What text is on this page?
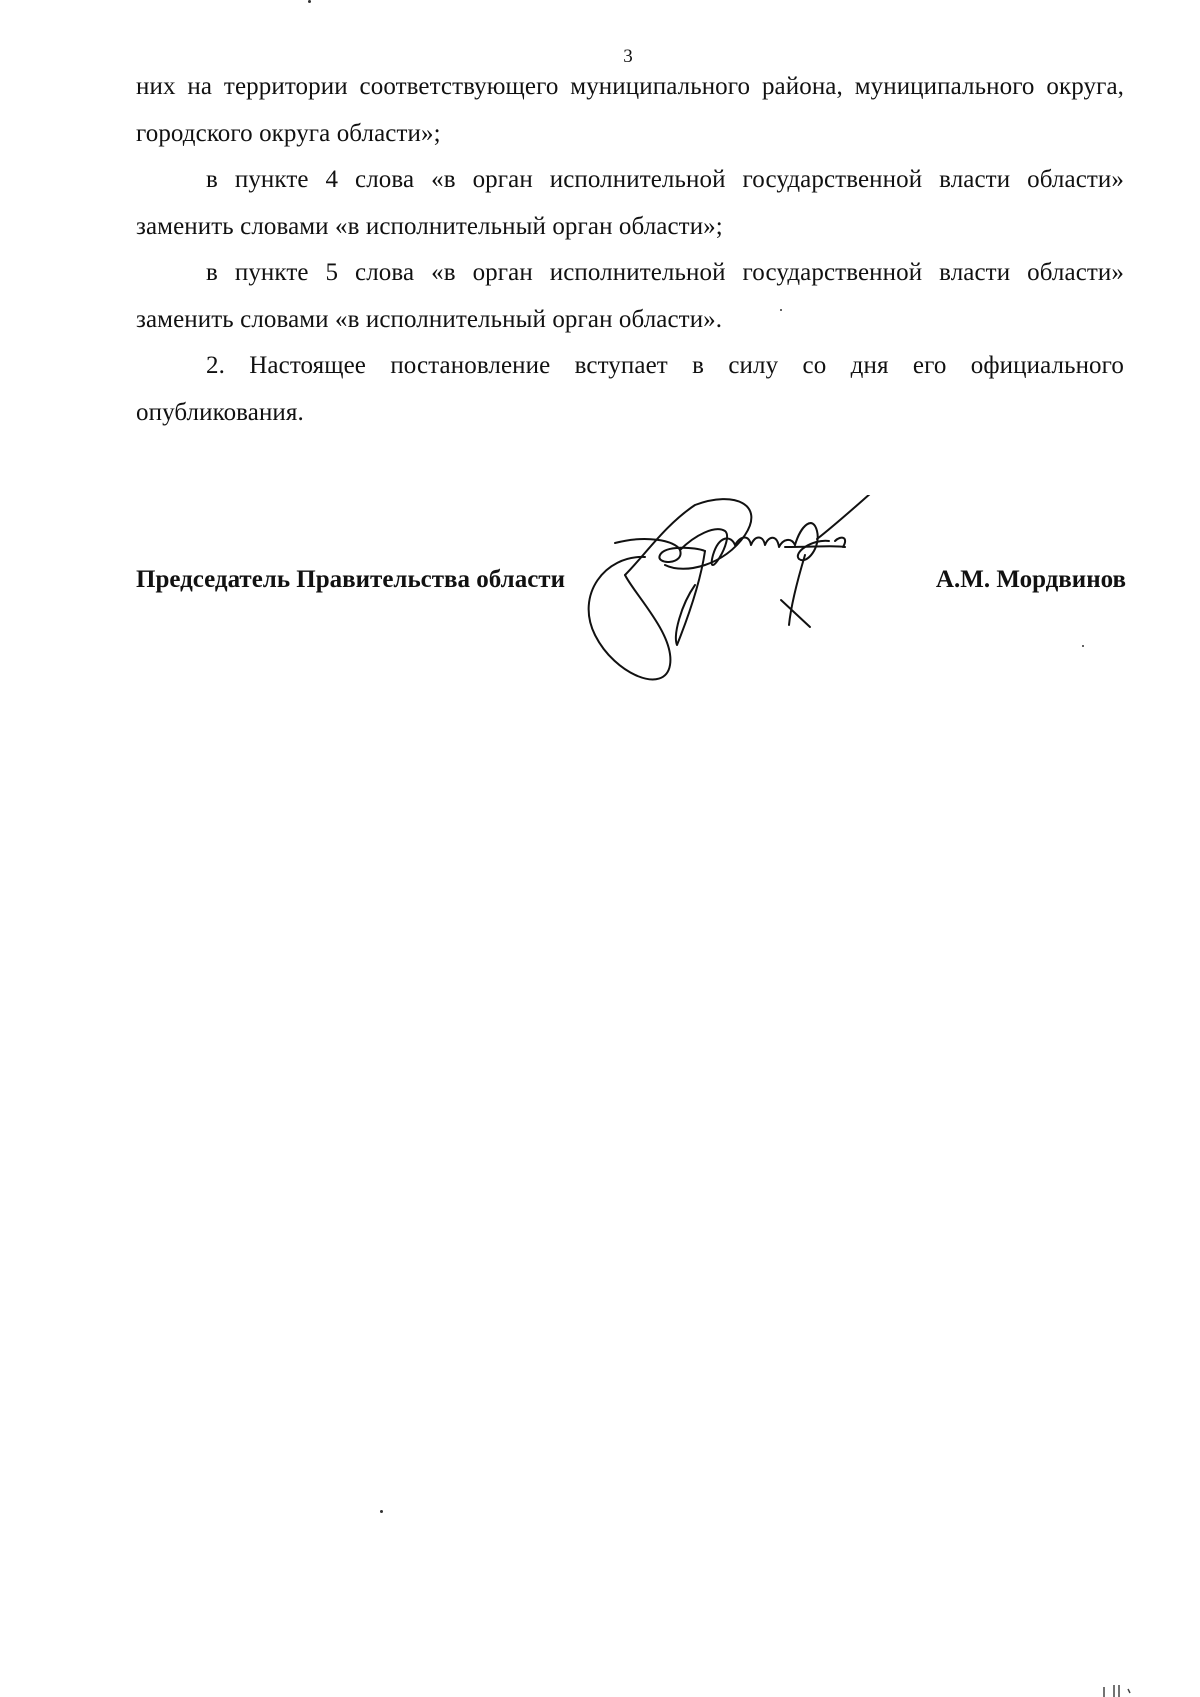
3

них на территории соответствующего муниципального района, муниципального округа, городского округа области»;

в пункте 4 слова «в орган исполнительной государственной власти области» заменить словами «в исполнительный орган области»;

в пункте 5 слова «в орган исполнительной государственной власти области» заменить словами «в исполнительный орган области».

2. Настоящее постановление вступает в силу со дня его официального опубликования.

Председатель Правительства области	А.М. Мордвинов
